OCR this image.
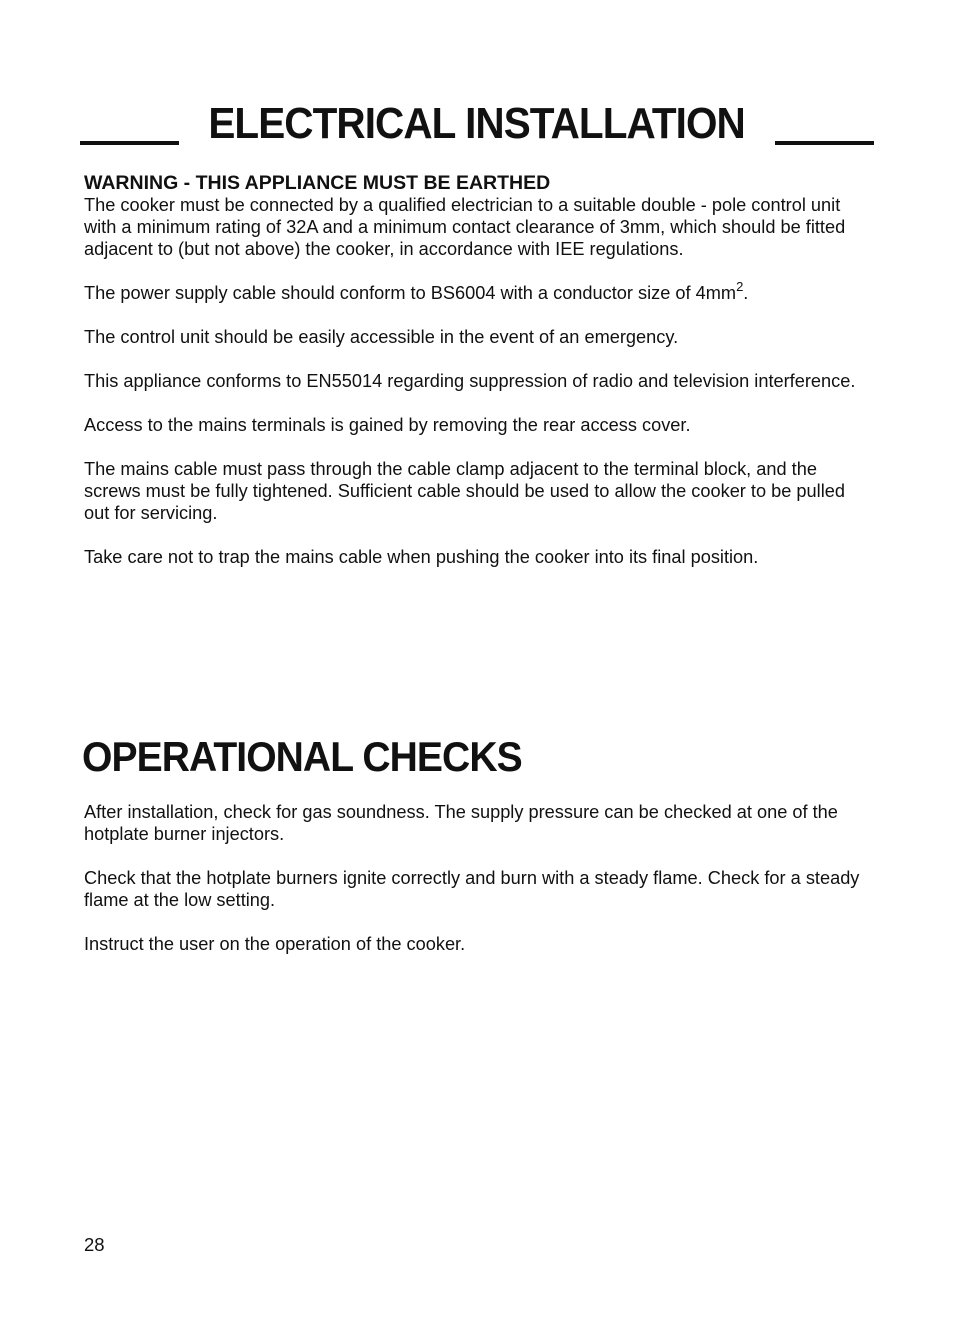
ELECTRICAL INSTALLATION

WARNING - THIS APPLIANCE MUST BE EARTHED

The cooker must be connected by a qualified electrician to a suitable double - pole control unit with a minimum rating of 32A and a minimum contact clearance of 3mm, which should be fitted adjacent to (but not above) the cooker, in accordance with IEE regulations.

The power supply cable should conform to BS6004 with a conductor size of $4mm^2$.

The control unit should be easily accessible in the event of an emergency.

This appliance conforms to EN55014 regarding suppression of radio and television interference.

Access to the mains terminals is gained by removing the rear access cover.

The mains cable must pass through the cable clamp adjacent to the terminal block, and the screws must be fully tightened. Sufficient cable should be used to allow the cooker to be pulled out for servicing.

Take care not to trap the mains cable when pushing the cooker into its final position.

OPERATIONAL CHECKS

After installation, check for gas soundness. The supply pressure can be checked at one of the hotplate burner injectors.

Check that the hotplate burners ignite correctly and burn with a steady flame. Check for a steady flame at the low setting.

Instruct the user on the operation of the cooker.

28
